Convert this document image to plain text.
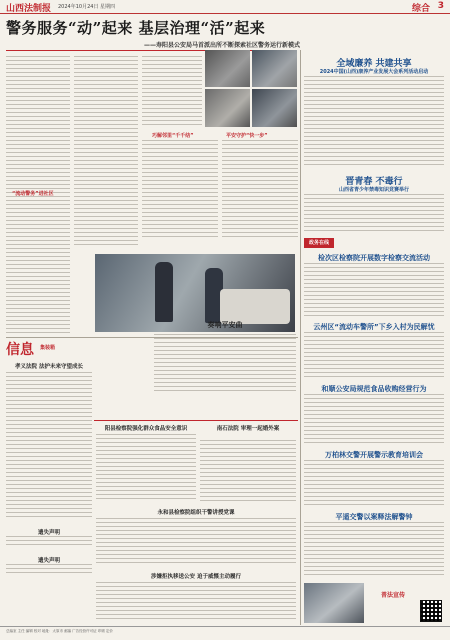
山西法制报 2024年10月24日 星期四	综合 3
警务服务“动”起来 基层治理“活”起来
——寿阳县公安局马首派出所不断探索社区警务运行新模式
“流动警务”进社区
巧解邻里“千千结”	平安守护“快一步”
奏响平安曲
信息 集装箱
孝义法院 法护未来守望成长
遗失声明
遗失声明
阳县检察院强化群众食品安全意识	南石法院 审理一起婚外案
永和县检察院组织干警讲授党课
涉嫌拒执移送公安 迫于威慑主动履行
全域廉养 共建共享
2024中国(山西)康养产业发展大会系列活动启动
晋青春 不毒行
山西省青少年禁毒知识竞赛举行
政务在线
检次区检察院开展数字检察交流活动
云州区“流动车警所”下乡入村为民解忧
和顺公安局规范食品收购经营行为
万柏林交警开展警示教育培训会
平遥交警以案释法解警钟
普法宣传
总编室 主任 编辑 校对 地址：太原市 邮编 广告经营许可证 印刷 定价
